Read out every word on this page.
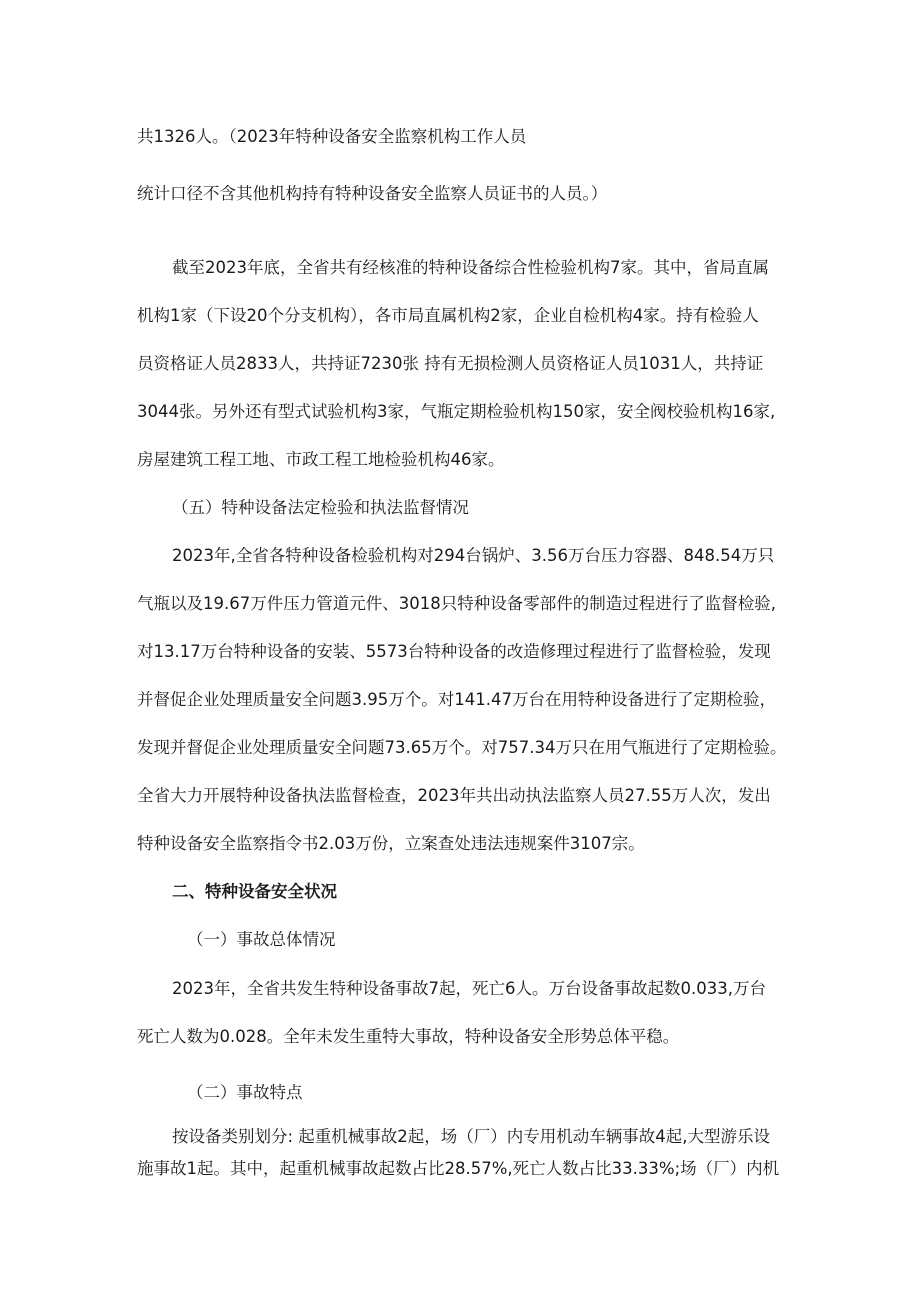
共1326人。（2023年特种设备安全监察机构工作人员
统计口径不含其他机构持有特种设备安全监察人员证书的人员。）
截至2023年底，全省共有经核准的特种设备综合性检验机构7家。其中，省局直属
机构1家（下设20个分支机构），各市局直属机构2家，企业自检机构4家。持有检验人
员资格证人员2833人，共持证7230张 持有无损检测人员资格证人员1031人，共持证
3044张。另外还有型式试验机构3家，气瓶定期检验机构150家，安全阀校验机构16家,
房屋建筑工程工地、市政工程工地检验机构46家。
（五）特种设备法定检验和执法监督情况
2023年,全省各特种设备检验机构对294台锅炉、3.56万台压力容器、848.54万只
气瓶以及19.67万件压力管道元件、3018只特种设备零部件的制造过程进行了监督检验,
对13.17万台特种设备的安装、5573台特种设备的改造修理过程进行了监督检验，发现
并督促企业处理质量安全问题3.95万个。对141.47万台在用特种设备进行了定期检验，
发现并督促企业处理质量安全问题73.65万个。对757.34万只在用气瓶进行了定期检验。
全省大力开展特种设备执法监督检查，2023年共出动执法监察人员27.55万人次，发出
特种设备安全监察指令书2.03万份，立案查处违法违规案件3107宗。
二、特种设备安全状况
（一）事故总体情况
2023年，全省共发生特种设备事故7起，死亡6人。万台设备事故起数0.033,万台
死亡人数为0.028。全年未发生重特大事故，特种设备安全形势总体平稳。
（二）事故特点
按设备类别划分: 起重机械事故2起，场（厂）内专用机动车辆事故4起,大型游乐设
施事故1起。其中，起重机械事故起数占比28.57%,死亡人数占比33.33%;场（厂）内机
